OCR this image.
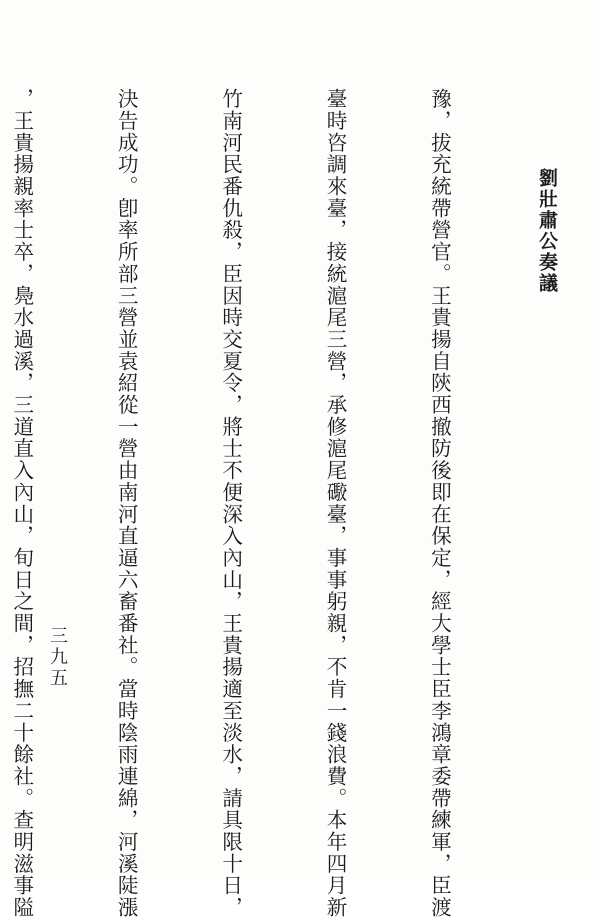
豫，拔充統帶營官。王貴揚自陝西撤防後即在保定，經大學士臣李鴻章委帶練軍，臣渡

臺時咨調來臺，接統滬尾三營，承修滬尾礮臺，事事躬親，不肯一錢浪費。本年四月新

竹南河民番仇殺，臣因時交夏令，將士不便深入內山，王貴揚適至淡水，請具限十日，

決告成功。卽率所部三營並袁紹從一營由南河直逼六畜番社。當時陰雨連綿，河溪陡漲

，王貴揚親率士卒，鳧水過溪，三道直入內山，旬日之間，招撫二十餘社。查明滋事隘

	劉壯肅公奏議
三九五
